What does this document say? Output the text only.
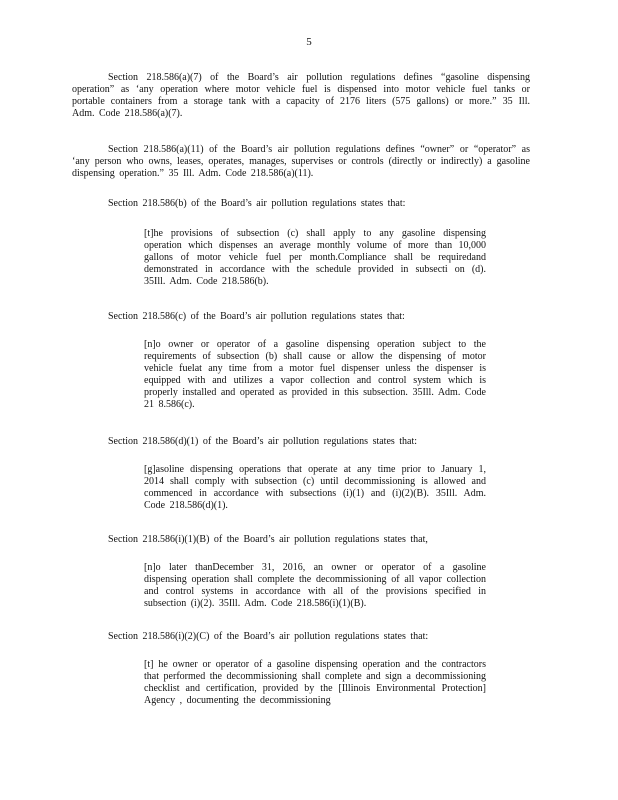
5

Section 218.586(a)(7) of the Board’s air pollution regulations defines “gasoline dispensing operation” as ‘any operation where motor vehicle fuel is dispensed into motor vehicle fuel tanks or portable containers from a storage tank with a capacity of 2176 liters (575 gallons) or more.” 35 Ill. Adm. Code 218.586(a)(7).

Section 218.586(a)(11) of the Board’s air pollution regulations defines “owner” or “operator” as ‘any person who owns, leases, operates, manages, supervises or controls (directly or indirectly) a gasoline dispensing operation.” 35 Ill. Adm. Code 218.586(a)(11).

Section 218.586(b) of the Board’s air pollution regulations states that:

[t]he provisions of subsection (c) shall apply to any gasoline dispensing operation which dispenses an average monthly volume of more than 10,000 gallons of motor vehicle fuel per month.Compliance shall be requiredand demonstrated in accordance with the schedule provided in subsecti on (d). 35Ill. Adm. Code 218.586(b).

Section 218.586(c) of the Board’s air pollution regulations states that:

[n]o owner or operator of a gasoline dispensing operation subject to the requirements of subsection (b) shall cause or allow the dispensing of motor vehicle fuelat any time from a motor fuel dispenser unless the dispenser is equipped with and utilizes a vapor collection and control system which is properly installed and operated as provided in this subsection. 35Ill. Adm. Code 21 8.586(c).

Section 218.586(d)(1) of the Board’s air pollution regulations states that:

[g]asoline dispensing operations that operate at any time prior to January 1, 2014 shall comply with subsection (c) until decommissioning is allowed and commenced in accordance with subsections (i)(1) and (i)(2)(B). 35Ill. Adm. Code 218.586(d)(1).

Section 218.586(i)(1)(B) of the Board’s air pollution regulations states that,

[n]o later thanDecember 31, 2016, an owner or operator of a gasoline dispensing operation shall complete the decommissioning of all vapor collection and control systems in accordance with all of the provisions specified in subsection (i)(2). 35Ill. Adm. Code 218.586(i)(1)(B).

Section 218.586(i)(2)(C) of the Board’s air pollution regulations states that:

[t] he owner or operator of a gasoline dispensing operation and the contractors that performed the decommissioning shall complete and sign a decommissioning checklist and certification, provided by the [Illinois Environmental Protection] Agency , documenting the decommissioning
